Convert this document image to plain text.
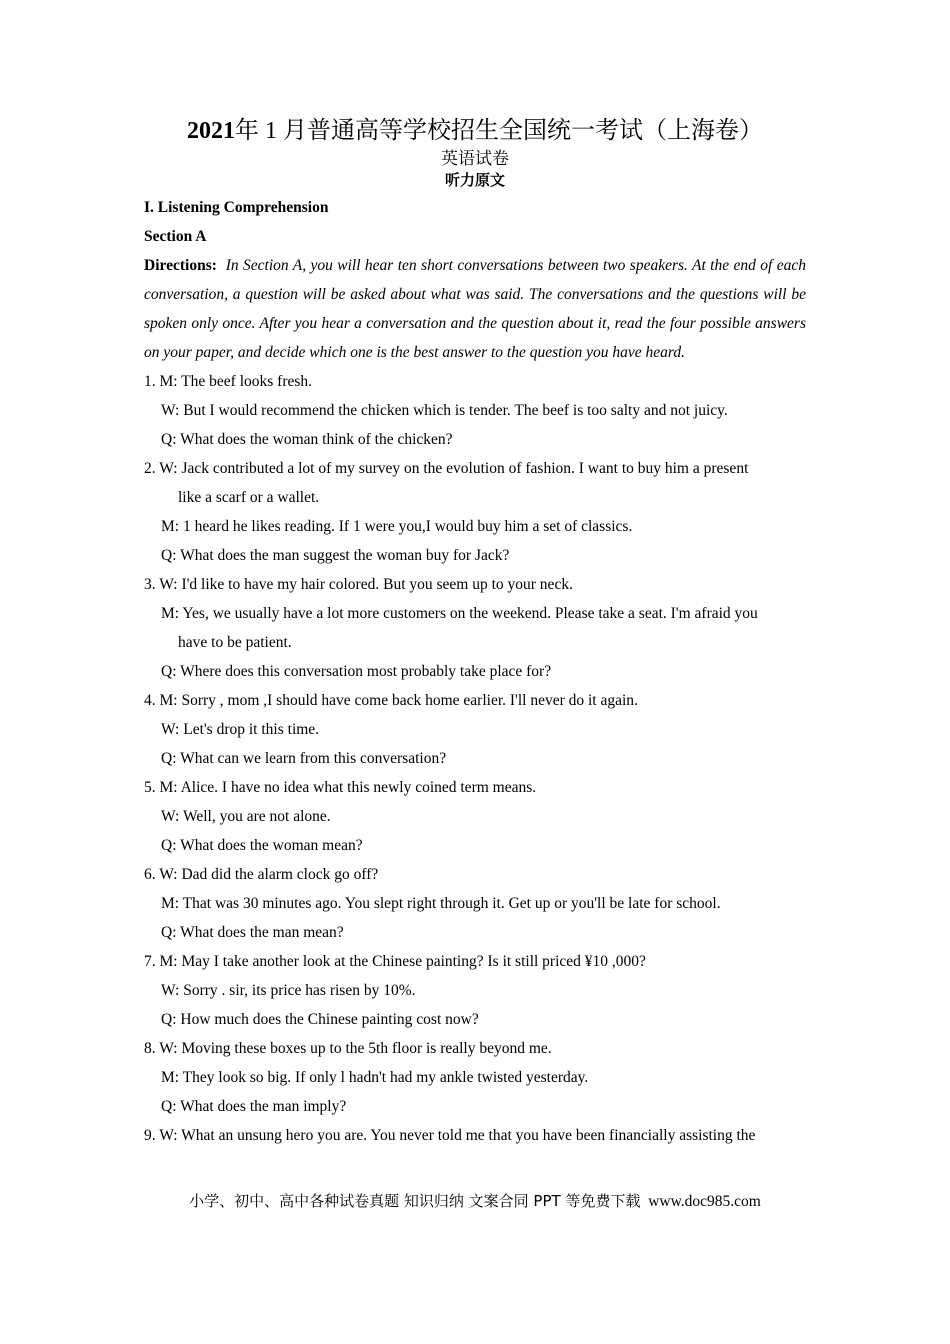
2021年 1 月普通高等学校招生全国统一考试（上海卷）
英语试卷
听力原文
I. Listening Comprehension
Section A
Directions: In Section A, you will hear ten short conversations between two speakers. At the end of each conversation, a question will be asked about what was said. The conversations and the questions will be spoken only once. After you hear a conversation and the question about it, read the four possible answers on your paper, and decide which one is the best answer to the question you have heard.
1. M: The beef looks fresh.
W: But I would recommend the chicken which is tender. The beef is too salty and not juicy.
Q: What does the woman think of the chicken?
2. W: Jack contributed a lot of my survey on the evolution of fashion. I want to buy him a present
like a scarf or a wallet.
M: 1 heard he likes reading. If 1 were you,I would buy him a set of classics.
Q: What does the man suggest the woman buy for Jack?
3. W: I'd like to have my hair colored. But you seem up to your neck.
M: Yes, we usually have a lot more customers on the weekend. Please take a seat. I'm afraid you
have to be patient.
Q: Where does this conversation most probably take place for?
4. M: Sorry , mom ,I should have come back home earlier. I'll never do it again.
W: Let's drop it this time.
Q: What can we learn from this conversation?
5. M: Alice. I have no idea what this newly coined term means.
W: Well, you are not alone.
Q: What does the woman mean?
6. W: Dad did the alarm clock go off?
M: That was 30 minutes ago. You slept right through it. Get up or you'll be late for school.
Q: What does the man mean?
7. M: May I take another look at the Chinese painting? Is it still priced ¥10 ,000?
W: Sorry . sir, its price has risen by 10%.
Q: How much does the Chinese painting cost now?
8. W: Moving these boxes up to the 5th floor is really beyond me.
M: They look so big. If only l hadn't had my ankle twisted yesterday.
Q: What does the man imply?
9. W: What an unsung hero you are. You never told me that you have been financially assisting the
小学、初中、高中各种试卷真题 知识归纳 文案合同 PPT 等免费下载 www.doc985.com
